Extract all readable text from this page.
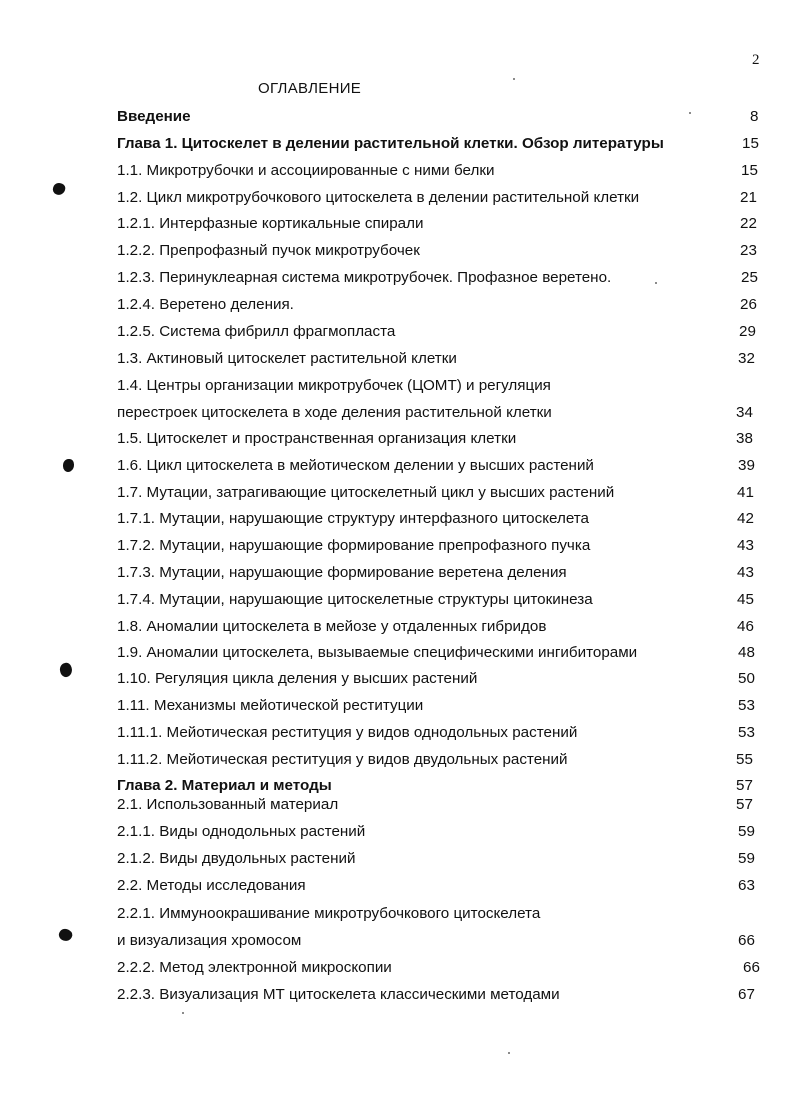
2
ОГЛАВЛЕНИЕ
Введение	8
Глава 1. Цитоскелет в делении растительной клетки. Обзор литературы	15
1.1. Микротрубочки и ассоциированные с ними белки	15
1.2. Цикл микротрубочкового цитоскелета в делении растительной клетки	21
1.2.1. Интерфазные кортикальные спирали	22
1.2.2. Препрофазный пучок микротрубочек	23
1.2.3. Перинуклеарная система микротрубочек. Профазное веретено.	25
1.2.4. Веретено деления.	26
1.2.5. Система фибрилл фрагмопласта	29
1.3. Актиновый цитоскелет растительной клетки	32
1.4. Центры организации микротрубочек (ЦОМТ) и регуляция
перестроек цитоскелета в ходе деления растительной клетки	34
1.5. Цитоскелет и пространственная организация клетки	38
1.6. Цикл цитоскелета в мейотическом делении у высших растений	39
1.7. Мутации, затрагивающие цитоскелетный цикл у высших растений	41
1.7.1. Мутации, нарушающие структуру интерфазного цитоскелета	42
1.7.2. Мутации, нарушающие формирование препрофазного пучка	43
1.7.3. Мутации, нарушающие формирование веретена деления	43
1.7.4. Мутации, нарушающие цитоскелетные структуры цитокинеза	45
1.8. Аномалии цитоскелета в мейозе у отдаленных гибридов	46
1.9. Аномалии цитоскелета, вызываемые специфическими ингибиторами	48
1.10. Регуляция цикла деления у высших растений	50
1.11. Механизмы мейотической реституции	53
1.11.1. Мейотическая реституция у видов однодольных растений	53
1.11.2. Мейотическая реституция у видов двудольных растений	55
Глава 2. Материал и методы	57
2.1. Использованный материал	57
2.1.1. Виды однодольных растений	59
2.1.2. Виды двудольных растений	59
2.2. Методы исследования	63
2.2.1. Иммуноокрашивание микротрубочкового цитоскелета
и визуализация хромосом	66
2.2.2. Метод электронной микроскопии	66
2.2.3. Визуализация МТ цитоскелета классическими методами	67
